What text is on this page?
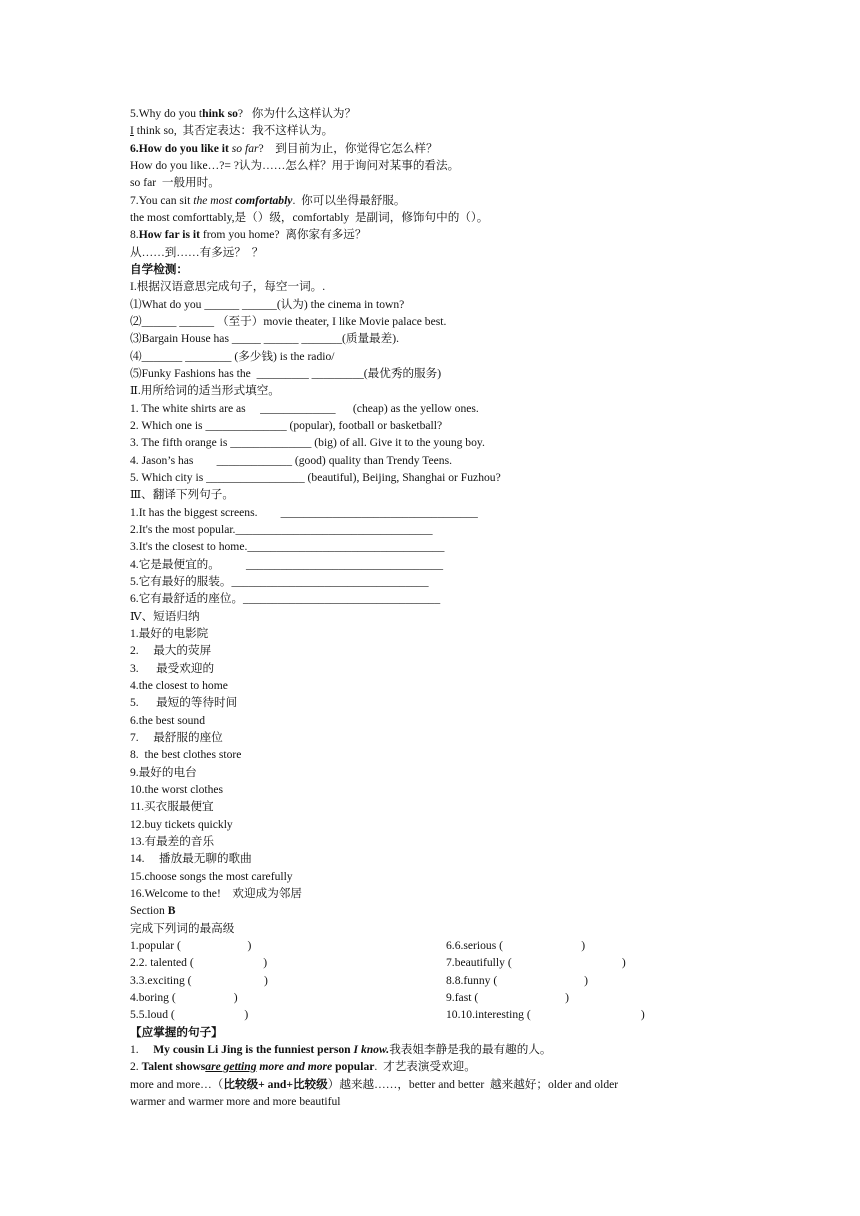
5.Why do you think so?   你为什么这样认为？
I think so,  其否定表达：我不这样认为。
6.How do you like it so far?    到目前为止，你觉得它怎么样？
How do you like…?= ?认为……怎么样？用于询问对某事的看法。
so far  一般用时。
7.You can sit the most comfortably.  你可以坐得最舒服。
the most comforttably,是（）级，comfortably  是副词，修饰句中的（）。
8.How far is it from you home?  离你家有多远？
从……到……有多远？  ？
自学检测：
I.根据汉语意思完成句子，每空一词。.
⑴What do you ______ ______(认为) the cinema in town?
⑵______ ______ （至于）movie theater, I like Movie palace best.
⑶Bargain House has _____ ______ _______(质量最差).
⑷_______ ________ (多少钱) is the radio/
⑸Funky Fashions has the  _________ _________(最优秀的服务)
Ⅱ.用所给词的适当形式填空。
1. The white shirts are as     _____________      (cheap) as the yellow ones.
2. Which one is ______________ (popular), football or basketball?
3. The fifth orange is ______________ (big) of all. Give it to the young boy.
4. Jason’s has        _____________ (good) quality than Trendy Teens.
5. Which city is _________________ (beautiful), Beijing, Shanghai or Fuzhou?
Ⅲ、翻译下列句子。
1.It has the biggest screens.        __________________________________
2.It's the most popular.__________________________________
3.It's the closest to home.__________________________________
4.它是最便宜的。         __________________________________
5.它有最好的服装。__________________________________
6.它有最舒适的座位。__________________________________
Ⅳ、短语归纳
1.最好的电影院
2.     最大的荧屏
3.      最受欢迎的
4.the closest to home
5.      最短的等待时间
6.the best sound
7.     最舒服的座位
8.  the best clothes store
9.最好的电台
10.the worst clothes
11.买衣服最便宜
12.buy tickets quickly
13.有最差的音乐
14.     播放最无聊的歌曲
15.choose songs the most carefully
16.Welcome to the!    欢迎成为邻居
Section B
完成下列词的最高级
1.popular (                       )	6.6.serious (                           )
2.2. talented (                        )	7.beautifully (                                      )
3.3.exciting (                         )	8.8.funny (                              )
4.boring (                    )	9.fast (                              )
5.5.loud (                        )	10.10.interesting (                                      )
【应掌握的句子】
1.     My cousin Li Jing is the funniest person I know.我表姐李静是我的最有趣的人。
2. Talent showsare getting more and more popular.  才艺表演受欢迎。
more and more…（比较级+ and+比较级）越来越……，better and better  越来越好；older and older
warmer and warmer more and more beautiful
